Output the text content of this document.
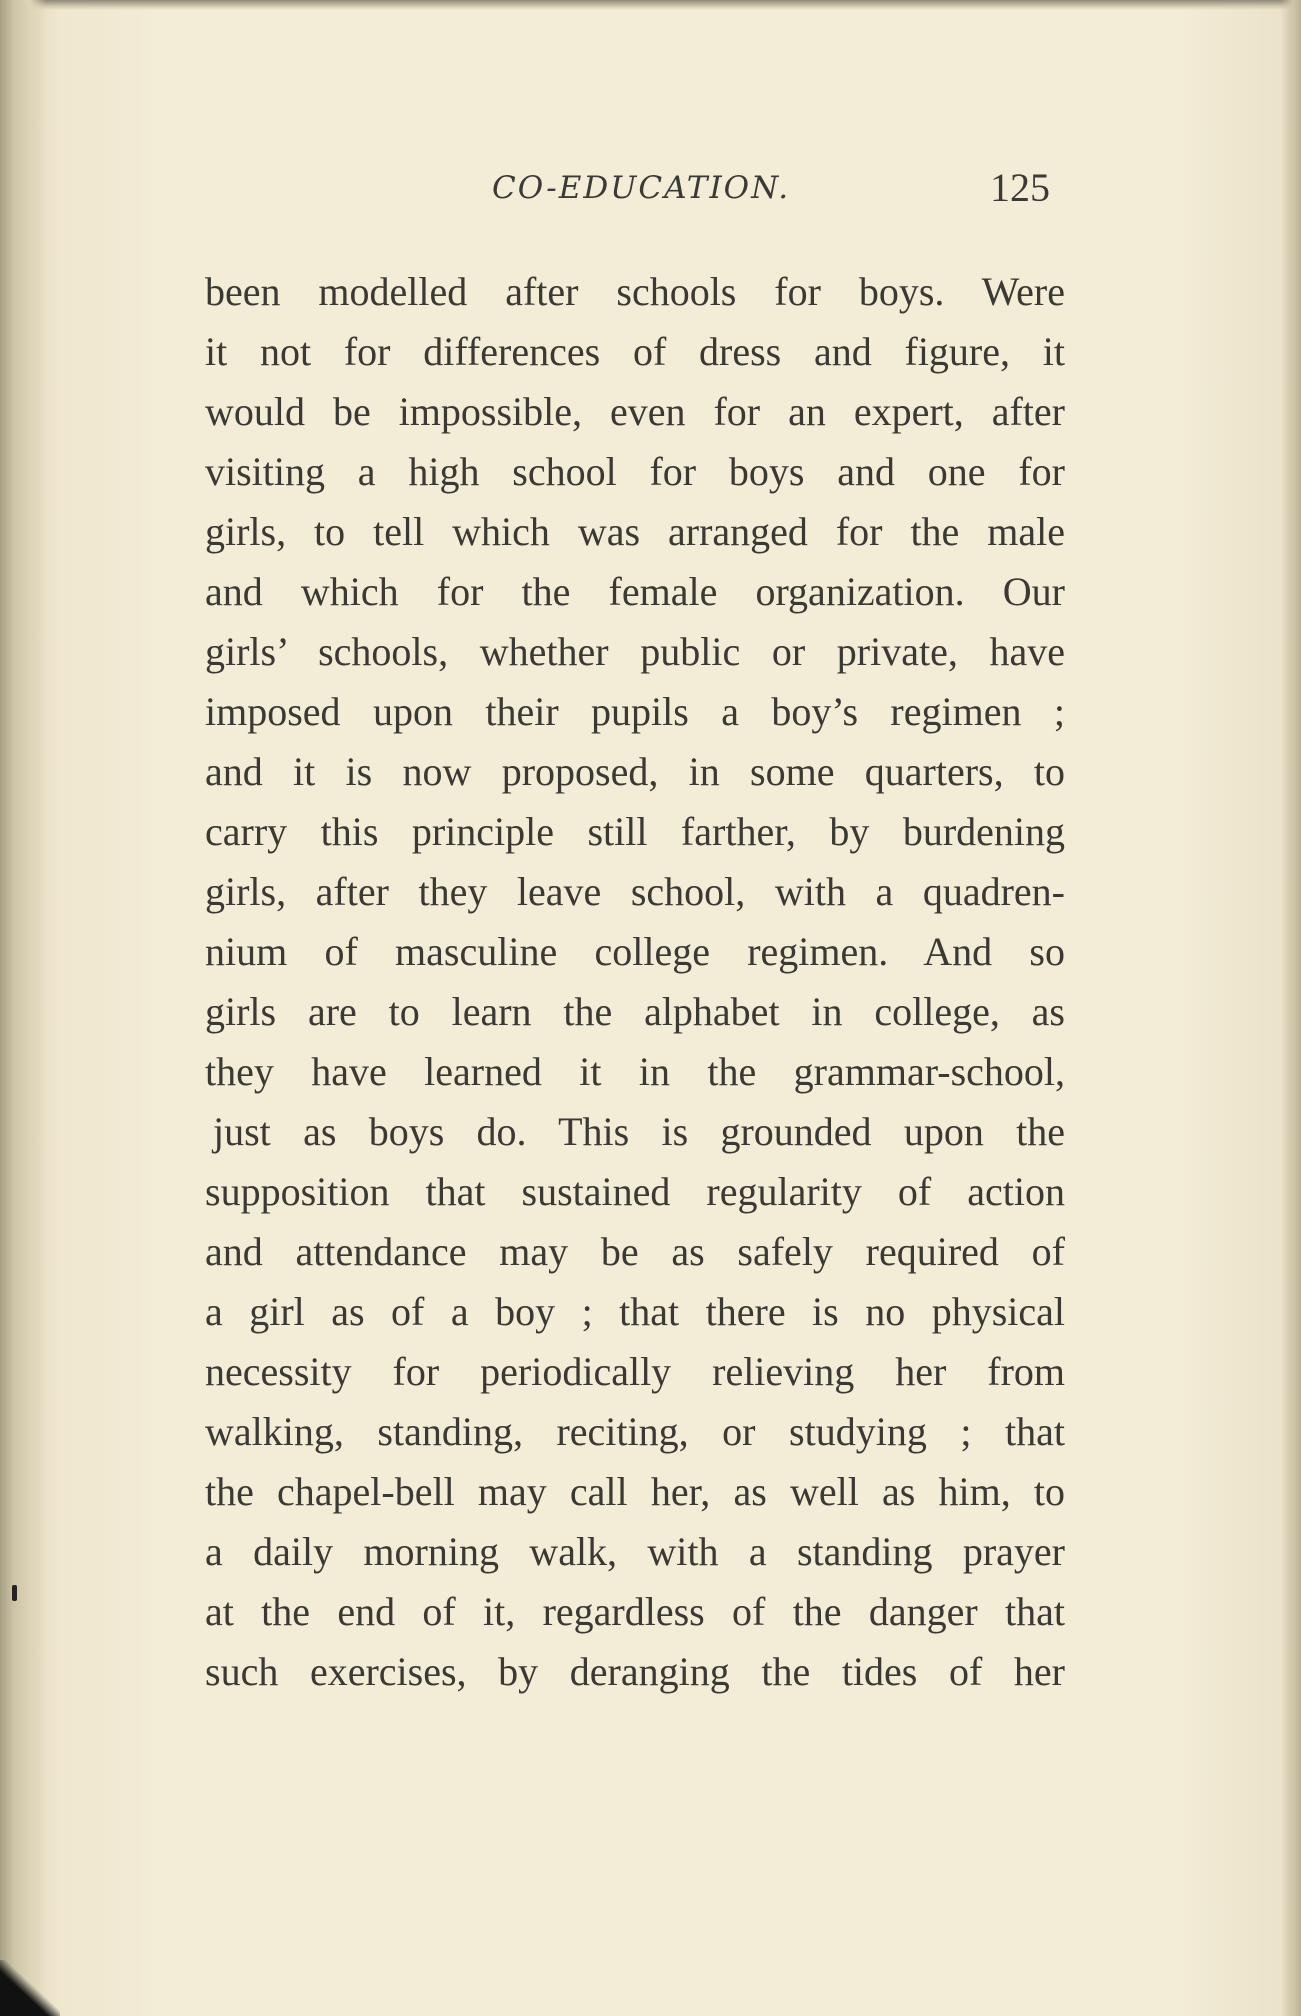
CO-EDUCATION.	125
been modelled after schools for boys. Were
it not for differences of dress and figure, it
would be impossible, even for an expert, after
visiting a high school for boys and one for
girls, to tell which was arranged for the male
and which for the female organization. Our
girls’ schools, whether public or private, have
imposed upon their pupils a boy’s regimen ;
and it is now proposed, in some quarters, to
carry this principle still farther, by burdening
girls, after they leave school, with a quadren-
nium of masculine college regimen. And so
girls are to learn the alphabet in college, as
they have learned it in the grammar-school,
just as boys do. This is grounded upon the
supposition that sustained regularity of action
and attendance may be as safely required of
a girl as of a boy ; that there is no physical
necessity for periodically relieving her from
walking, standing, reciting, or studying ; that
the chapel-bell may call her, as well as him, to
a daily morning walk, with a standing prayer
at the end of it, regardless of the danger that
such exercises, by deranging the tides of her
